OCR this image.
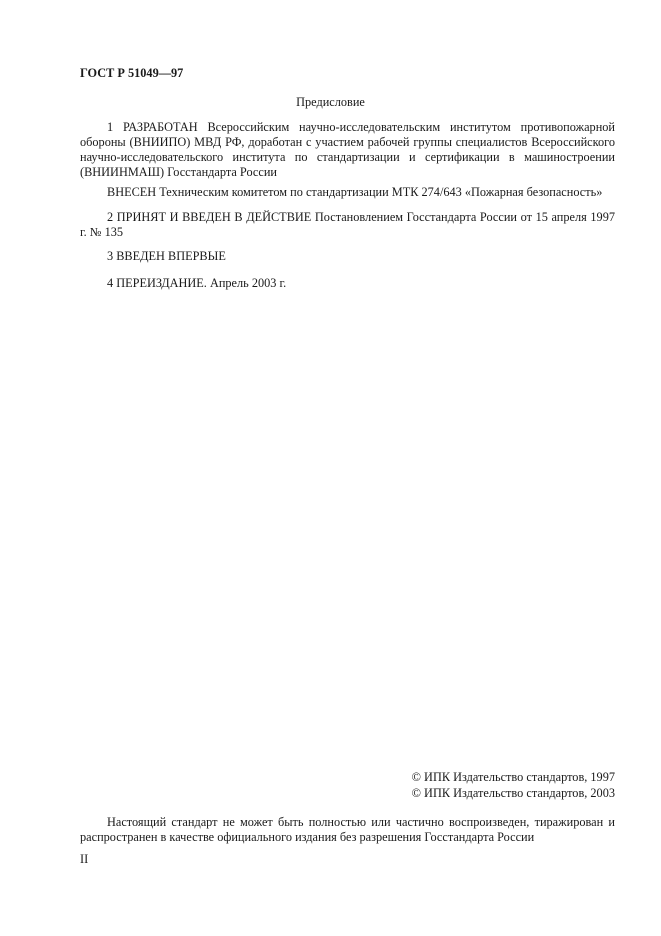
ГОСТ Р 51049—97
Предисловие
1 РАЗРАБОТАН Всероссийским научно-исследовательским институтом противопожарной обороны (ВНИИПО) МВД РФ, доработан с участием рабочей группы специалистов Всероссийского научно-исследовательского института по стандартизации и сертификации в машиностроении (ВНИИНМАШ) Госстандарта России
ВНЕСЕН Техническим комитетом по стандартизации МТК 274/643 «Пожарная безопасность»
2 ПРИНЯТ И ВВЕДЕН В ДЕЙСТВИЕ Постановлением Госстандарта России от 15 апреля 1997 г. № 135
3 ВВЕДЕН ВПЕРВЫЕ
4 ПЕРЕИЗДАНИЕ. Апрель 2003 г.
© ИПК Издательство стандартов, 1997
© ИПК Издательство стандартов, 2003
Настоящий стандарт не может быть полностью или частично воспроизведен, тиражирован и распространен в качестве официального издания без разрешения Госстандарта России
II
